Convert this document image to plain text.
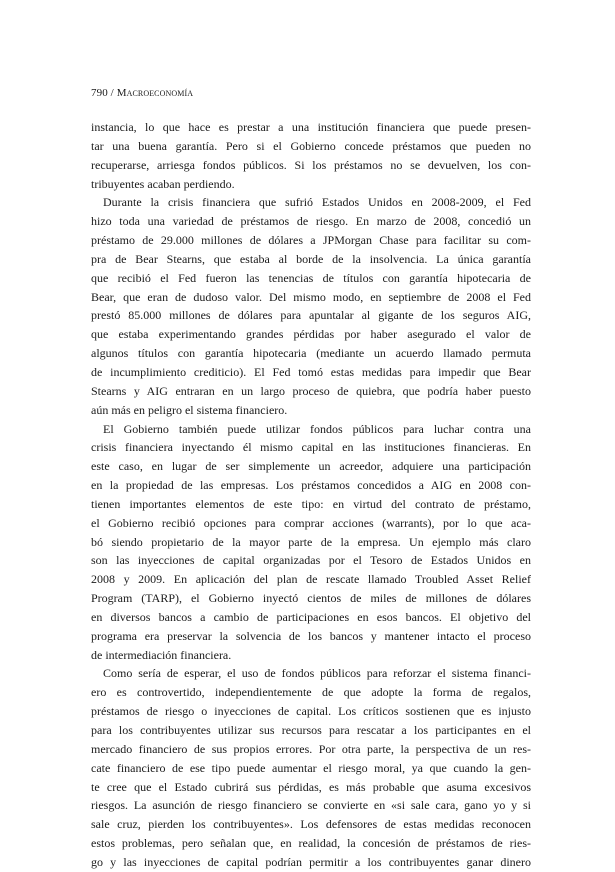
790 / Macroeconomía
instancia, lo que hace es prestar a una institución financiera que puede presen-
tar una buena garantía. Pero si el Gobierno concede préstamos que pueden no
recuperarse, arriesga fondos públicos. Si los préstamos no se devuelven, los con-
tribuyentes acaban perdiendo.
Durante la crisis financiera que sufrió Estados Unidos en 2008-2009, el Fed
hizo toda una variedad de préstamos de riesgo. En marzo de 2008, concedió un
préstamo de 29.000 millones de dólares a JPMorgan Chase para facilitar su com-
pra de Bear Stearns, que estaba al borde de la insolvencia. La única garantía
que recibió el Fed fueron las tenencias de títulos con garantía hipotecaria de
Bear, que eran de dudoso valor. Del mismo modo, en septiembre de 2008 el Fed
prestó 85.000 millones de dólares para apuntalar al gigante de los seguros AIG,
que estaba experimentando grandes pérdidas por haber asegurado el valor de
algunos títulos con garantía hipotecaria (mediante un acuerdo llamado permuta
de incumplimiento crediticio). El Fed tomó estas medidas para impedir que Bear
Stearns y AIG entraran en un largo proceso de quiebra, que podría haber puesto
aún más en peligro el sistema financiero.
El Gobierno también puede utilizar fondos públicos para luchar contra una
crisis financiera inyectando él mismo capital en las instituciones financieras. En
este caso, en lugar de ser simplemente un acreedor, adquiere una participación
en la propiedad de las empresas. Los préstamos concedidos a AIG en 2008 con-
tienen importantes elementos de este tipo: en virtud del contrato de préstamo,
el Gobierno recibió opciones para comprar acciones (warrants), por lo que aca-
bó siendo propietario de la mayor parte de la empresa. Un ejemplo más claro
son las inyecciones de capital organizadas por el Tesoro de Estados Unidos en
2008 y 2009. En aplicación del plan de rescate llamado Troubled Asset Relief
Program (TARP), el Gobierno inyectó cientos de miles de millones de dólares
en diversos bancos a cambio de participaciones en esos bancos. El objetivo del
programa era preservar la solvencia de los bancos y mantener intacto el proceso
de intermediación financiera.
Como sería de esperar, el uso de fondos públicos para reforzar el sistema financi-
ero es controvertido, independientemente de que adopte la forma de regalos,
préstamos de riesgo o inyecciones de capital. Los críticos sostienen que es injusto
para los contribuyentes utilizar sus recursos para rescatar a los participantes en el
mercado financiero de sus propios errores. Por otra parte, la perspectiva de un res-
cate financiero de ese tipo puede aumentar el riesgo moral, ya que cuando la gen-
te cree que el Estado cubrirá sus pérdidas, es más probable que asuma excesivos
riesgos. La asunción de riesgo financiero se convierte en «si sale cara, gano yo y si
sale cruz, pierden los contribuyentes». Los defensores de estas medidas reconocen
estos problemas, pero señalan que, en realidad, la concesión de préstamos de ries-
go y las inyecciones de capital podrían permitir a los contribuyentes ganar dinero
